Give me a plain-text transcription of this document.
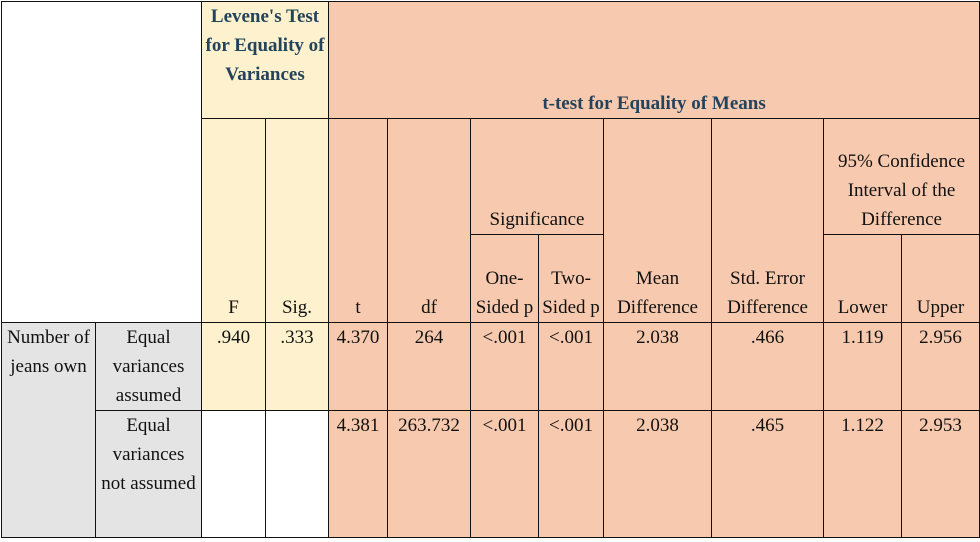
		Levene's Test for Equality of Variances		t-test for Equality of Means							
		F	Sig.	t	df	Significance		Mean Difference	Std. Error Difference	95% Confidence Interval of the Difference	
						One-Sided p	Two-Sided p			Lower	Upper
Number of jeans own	Equal variances assumed	.940	.333	4.370	264	<.001	<.001	2.038	.466	1.119	2.956
	Equal variances not assumed			4.381	263.732	<.001	<.001	2.038	.465	1.122	2.953
